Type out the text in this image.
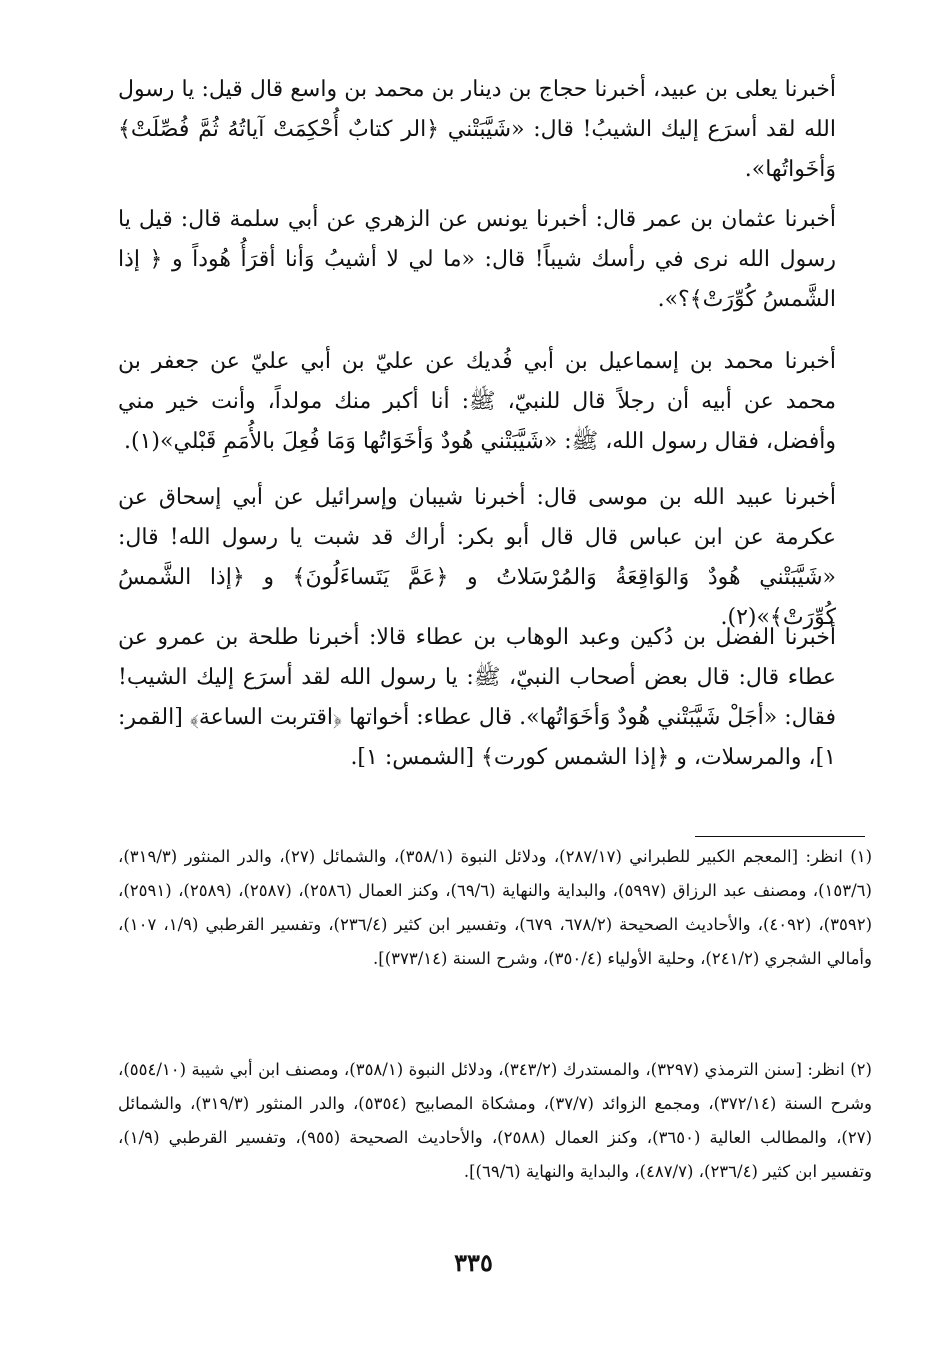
أخبرنا يعلى بن عبيد، أخبرنا حجاج بن دينار بن محمد بن واسع قال قيل: يا رسول الله لقد أسرَع إليك الشيبُ! قال: «شَيَّبَتْني ﴿الر كتابٌ أُحْكِمَتْ آياتُهُ ثُمَّ فُصِّلَتْ﴾ وَأخَواتُها».

أخبرنا عثمان بن عمر قال: أخبرنا يونس عن الزهري عن أبي سلمة قال: قيل يا رسول الله نرى في رأسك شيباً! قال: «ما لي لا أشيبُ وَأنا أقرَأُ هُوداً و ﴿ إذا الشَّمسُ كُوِّرَتْ﴾؟».

أخبرنا محمد بن إسماعيل بن أبي فُديك عن عليّ بن أبي عليّ عن جعفر بن محمد عن أبيه أن رجلاً قال للنبيّ، ﷺ: أنا أكبر منك مولداً، وأنت خير مني وأفضل، فقال رسول الله، ﷺ: «شَيَّبَتْني هُودٌ وَأخَوَاتُها وَمَا فُعِلَ بالأُمَمِ قَبْلي»(١).

أخبرنا عبيد الله بن موسى قال: أخبرنا شيبان وإسرائيل عن أبي إسحاق عن عكرمة عن ابن عباس قال قال أبو بكر: أراك قد شبت يا رسول الله! قال: «شَيَّبَتْني هُودٌ وَالوَاقِعَةُ وَالمُرْسَلاتُ و ﴿عَمَّ يَتَساءَلُونَ﴾ و ﴿إذا الشَّمسُ كُوِّرَتْ﴾»(٢).

أخبرنا الفضل بن دُكين وعبد الوهاب بن عطاء قالا: أخبرنا طلحة بن عمرو عن عطاء قال: قال بعض أصحاب النبيّ، ﷺ: يا رسول الله لقد أسرَع إليك الشيب! فقال: «أجَلْ شَيَّبَتْني هُودٌ وَأخَوَاتُها». قال عطاء: أخواتها ﴿اقتربت الساعة﴾ [القمر: ١]، والمرسلات، و ﴿إذا الشمس كورت﴾ [الشمس: ١].

(١) انظر: [المعجم الكبير للطبراني (٢٨٧/١٧)، ودلائل النبوة (٣٥٨/١)، والشمائل (٢٧)، والدر المنثور (٣١٩/٣)، (١٥٣/٦)، ومصنف عبد الرزاق (٥٩٩٧)، والبداية والنهاية (٦٩/٦)، وكنز العمال (٢٥٨٦)، (٢٥٨٧)، (٢٥٨٩)، (٢٥٩١)، (٣٥٩٢)، (٤٠٩٢)، والأحاديث الصحيحة (٦٧٨/٢، ٦٧٩)، وتفسير ابن كثير (٢٣٦/٤)، وتفسير القرطبي (١/٩، ١٠٧)، وأمالي الشجري (٢٤١/٢)، وحلية الأولياء (٣٥٠/٤)، وشرح السنة (٣٧٣/١٤)].

(٢) انظر: [سنن الترمذي (٣٢٩٧)، والمستدرك (٣٤٣/٢)، ودلائل النبوة (٣٥٨/١)، ومصنف ابن أبي شيبة (٥٥٤/١٠)، وشرح السنة (٣٧٢/١٤)، ومجمع الزوائد (٣٧/٧)، ومشكاة المصابيح (٥٣٥٤)، والدر المنثور (٣١٩/٣)، والشمائل (٢٧)، والمطالب العالية (٣٦٥٠)، وكنز العمال (٢٥٨٨)، والأحاديث الصحيحة (٩٥٥)، وتفسير القرطبي (١/٩)، وتفسير ابن كثير (٢٣٦/٤)، (٤٨٧/٧)، والبداية والنهاية (٦٩/٦)].

٣٣٥
